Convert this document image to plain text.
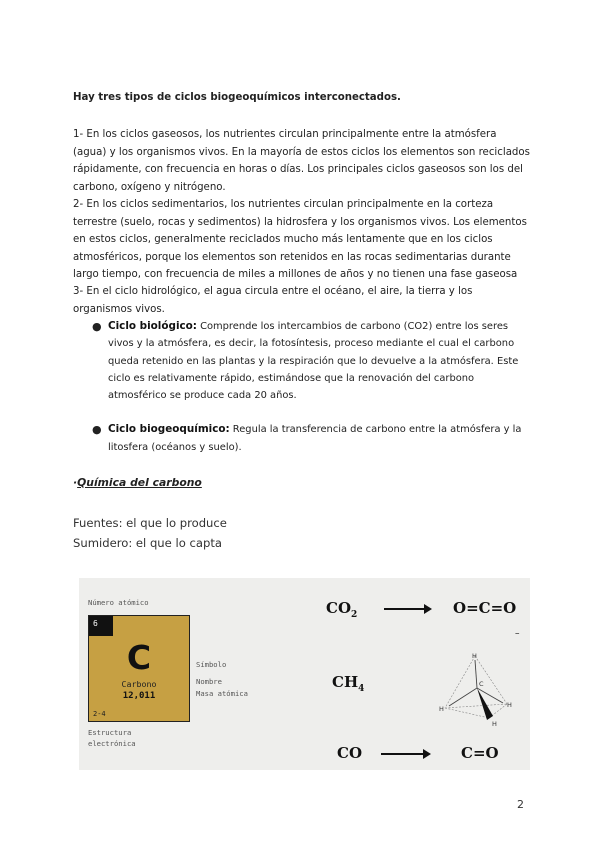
Hay tres tipos de ciclos biogeoquímicos interconectados.
1- En los ciclos gaseosos, los nutrientes circulan principalmente entre la atmósfera (agua) y los organismos vivos. En la mayoría de estos ciclos los elementos son reciclados rápidamente, con frecuencia en horas o días. Los principales ciclos gaseosos son los del carbono, oxígeno y nitrógeno.
2- En los ciclos sedimentarios, los nutrientes circulan principalmente en la corteza terrestre (suelo, rocas y sedimentos) la hidrosfera y los organismos vivos. Los elementos en estos ciclos, generalmente reciclados mucho más lentamente que en los ciclos atmosféricos, porque los elementos son retenidos en las rocas sedimentarias durante largo tiempo, con frecuencia de miles a millones de años y no tienen una fase gaseosa
3- En el ciclo hidrológico, el agua circula entre el océano, el aire, la tierra y los organismos vivos.
● Ciclo biológico: Comprende los intercambios de carbono (CO2) entre los seres vivos y la atmósfera, es decir, la fotosíntesis, proceso mediante el cual el carbono queda retenido en las plantas y la respiración que lo devuelve a la atmósfera. Este ciclo es relativamente rápido, estimándose que la renovación del carbono atmosférico se produce cada 20 años.
● Ciclo biogeoquímico: Regula la transferencia de carbono entre la atmósfera y la litosfera (océanos y suelo).
·Química del carbono
Fuentes: el que lo produce
Sumidero: el que lo capta
Número atómico
6
C
Carbono
12,011
2-4
Símbolo
Nombre
Masa atómica
Estructura
electrónica
$CO_2$	O=C=O
–
$CH_4$
H
H	H
H
C
CO	C=O
2
